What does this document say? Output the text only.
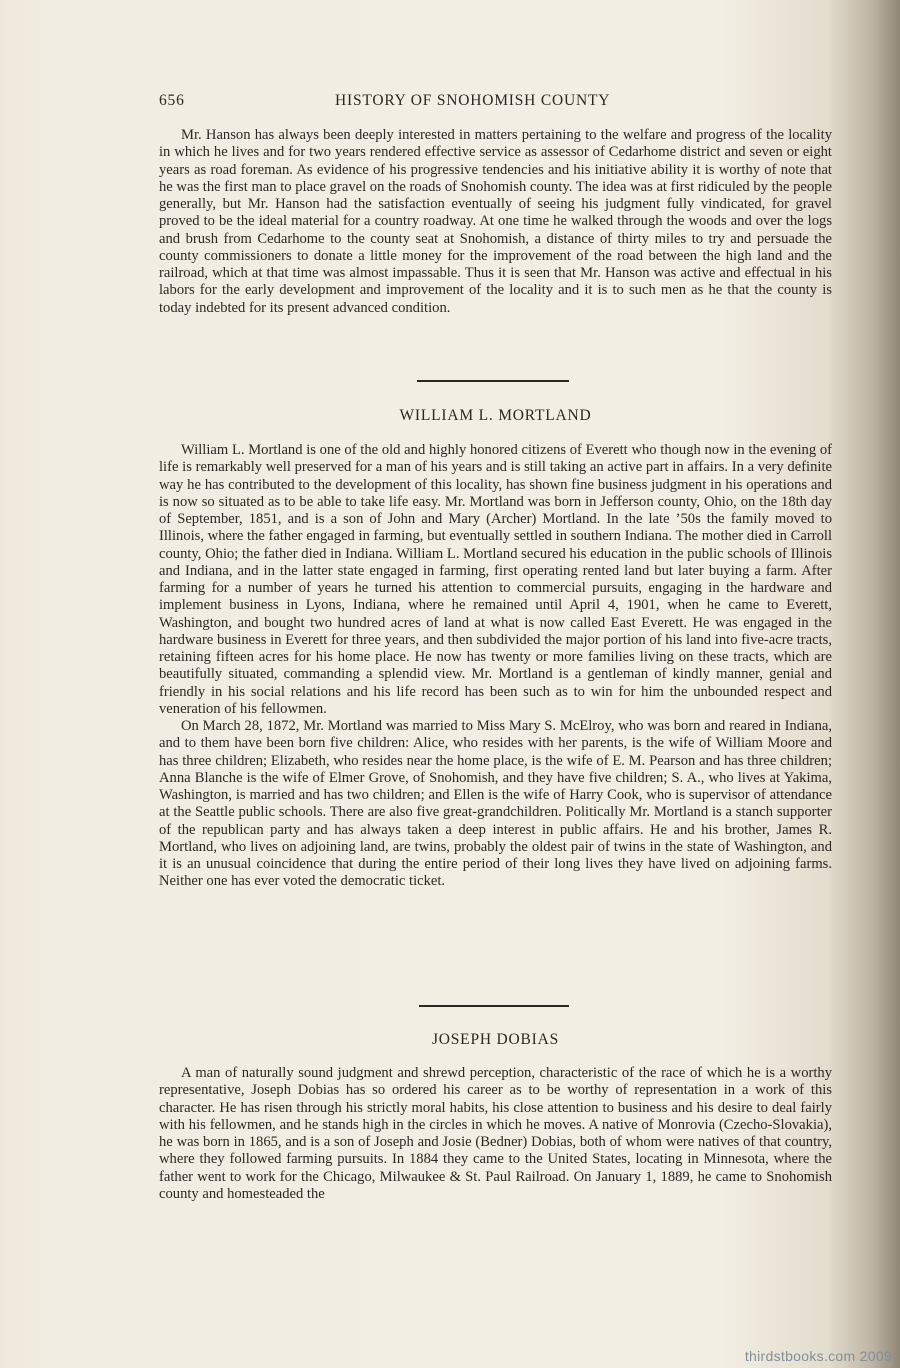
656	HISTORY OF SNOHOMISH COUNTY

Mr. Hanson has always been deeply interested in matters pertaining to the welfare and progress of the locality in which he lives and for two years rendered effective service as assessor of Cedarhome district and seven or eight years as road foreman. As evidence of his progressive tendencies and his initiative ability it is worthy of note that he was the first man to place gravel on the roads of Snohomish county. The idea was at first ridiculed by the people generally, but Mr. Hanson had the satisfaction eventually of seeing his judgment fully vindicated, for gravel proved to be the ideal material for a country roadway. At one time he walked through the woods and over the logs and brush from Cedarhome to the county seat at Snohomish, a distance of thirty miles to try and persuade the county commissioners to donate a little money for the improvement of the road between the high land and the railroad, which at that time was almost impassable. Thus it is seen that Mr. Hanson was active and effectual in his labors for the early development and improvement of the locality and it is to such men as he that the county is today indebted for its present advanced condition.

WILLIAM L. MORTLAND

William L. Mortland is one of the old and highly honored citizens of Everett who though now in the evening of life is remarkably well preserved for a man of his years and is still taking an active part in affairs. In a very definite way he has contributed to the development of this locality, has shown fine business judgment in his operations and is now so situated as to be able to take life easy. Mr. Mortland was born in Jefferson county, Ohio, on the 18th day of September, 1851, and is a son of John and Mary (Archer) Mortland. In the late ’50s the family moved to Illinois, where the father engaged in farming, but eventually settled in southern Indiana. The mother died in Carroll county, Ohio; the father died in Indiana. William L. Mortland secured his education in the public schools of Illinois and Indiana, and in the latter state engaged in farming, first operating rented land but later buying a farm. After farming for a number of years he turned his attention to commercial pursuits, engaging in the hardware and implement business in Lyons, Indiana, where he remained until April 4, 1901, when he came to Everett, Washington, and bought two hundred acres of land at what is now called East Everett. He was engaged in the hardware business in Everett for three years, and then subdivided the major portion of his land into five-acre tracts, retaining fifteen acres for his home place. He now has twenty or more families living on these tracts, which are beautifully situated, commanding a splendid view. Mr. Mortland is a gentleman of kindly manner, genial and friendly in his social relations and his life record has been such as to win for him the unbounded respect and veneration of his fellowmen.

On March 28, 1872, Mr. Mortland was married to Miss Mary S. McElroy, who was born and reared in Indiana, and to them have been born five children: Alice, who resides with her parents, is the wife of William Moore and has three children; Elizabeth, who resides near the home place, is the wife of E. M. Pearson and has three children; Anna Blanche is the wife of Elmer Grove, of Snohomish, and they have five children; S. A., who lives at Yakima, Washington, is married and has two children; and Ellen is the wife of Harry Cook, who is supervisor of attendance at the Seattle public schools. There are also five great-grandchildren. Politically Mr. Mortland is a stanch supporter of the republican party and has always taken a deep interest in public affairs. He and his brother, James R. Mortland, who lives on adjoining land, are twins, probably the oldest pair of twins in the state of Washington, and it is an unusual coincidence that during the entire period of their long lives they have lived on adjoining farms. Neither one has ever voted the democratic ticket.

JOSEPH DOBIAS

A man of naturally sound judgment and shrewd perception, characteristic of the race of which he is a worthy representative, Joseph Dobias has so ordered his career as to be worthy of representation in a work of this character. He has risen through his strictly moral habits, his close attention to business and his desire to deal fairly with his fellowmen, and he stands high in the circles in which he moves. A native of Monrovia (Czecho-Slovakia), he was born in 1865, and is a son of Joseph and Josie (Bedner) Dobias, both of whom were natives of that country, where they followed farming pursuits. In 1884 they came to the United States, locating in Minnesota, where the father went to work for the Chicago, Milwaukee & St. Paul Railroad. On January 1, 1889, he came to Snohomish county and homesteaded the

thirdstbooks.com 2009
